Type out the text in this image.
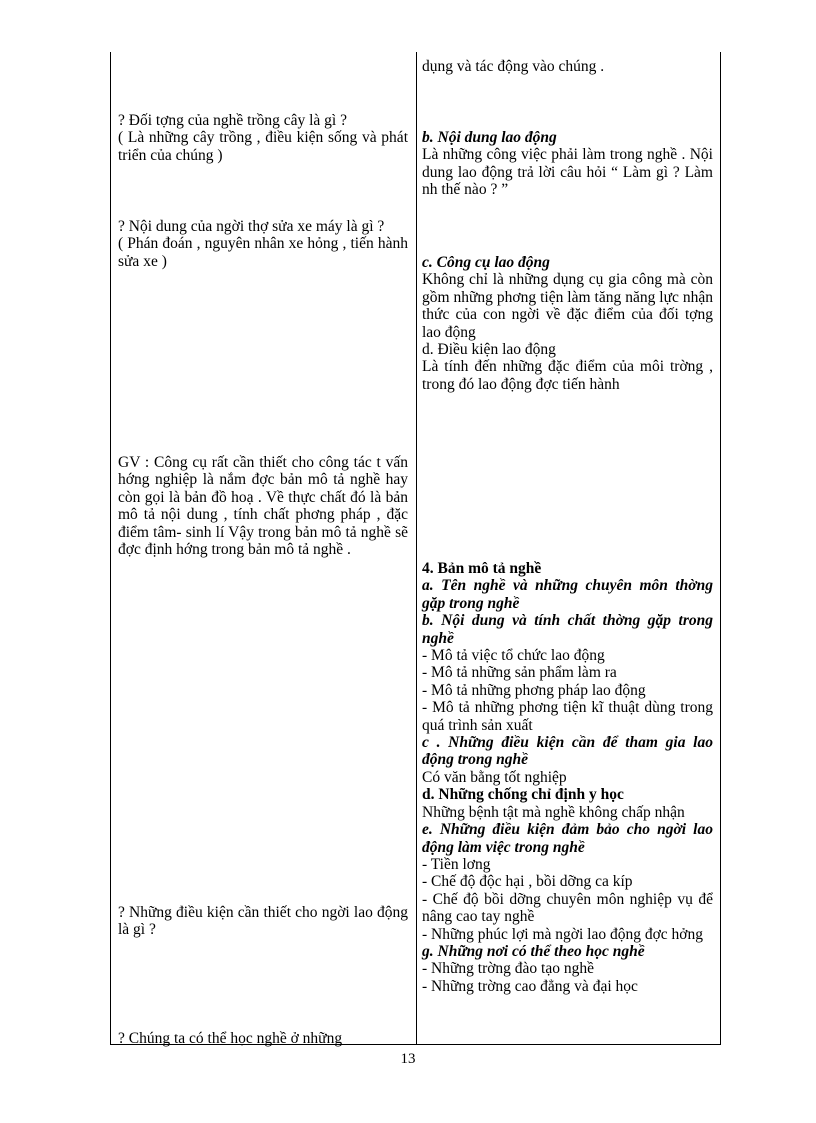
? Đối tợng của nghề trồng cây là gì ?

( Là những cây trồng , điều kiện sống và phát triển của chúng )

? Nội dung của ngời thợ sửa xe máy là gì ?

( Phán đoán , nguyên nhân xe hỏng , tiến hành sửa xe )

GV : Công cụ rất cần thiết cho công tác t vấn hớng nghiệp là nắm đợc bản mô tả nghề hay còn gọi là bản đồ hoạ . Về thực chất đó là bản mô tả nội dung , tính chất phơng pháp , đặc điểm tâm- sinh lí Vậy trong bản mô tả nghề sẽ đợc định hớng trong bản mô tả nghề .

? Những điều kiện cần thiết cho ngời lao động là gì ?

? Chúng ta có thể học nghề ở những

dụng và tác động vào chúng .

b. Nội dung lao động

Là những công việc phải làm trong nghề . Nội dung lao động trả lời câu hỏi “ Làm gì ? Làm nh thế nào ? ”

c. Công cụ lao động

Không chỉ là những dụng cụ gia công mà còn gồm những phơng tiện làm tăng năng lực nhận thức của con ngời về đặc điểm của đối tợng lao động

d. Điều kiện lao động

Là tính đến những đặc điểm của môi trờng , trong đó lao động đợc tiến hành

4. Bản mô tả nghề

a. Tên nghề và những chuyên môn thờng gặp trong nghề

b. Nội dung và tính chất thờng gặp trong nghề

- Mô tả việc tổ chức lao động

- Mô tả những sản phẩm làm ra

- Mô tả những phơng pháp lao động

- Mô tả những phơng tiện kĩ thuật dùng trong quá trình sản xuất

c . Những điều kiện cần để tham gia lao động trong nghề

Có văn bằng tốt nghiệp

d. Những chống chỉ định y học

Những bệnh tật mà nghề không chấp nhận

e. Những điều kiện đảm bảo cho ngời lao động làm việc trong nghề

- Tiền lơng

- Chế độ độc hại , bồi dỡng ca kíp

- Chế độ bồi dỡng chuyên môn nghiệp vụ để nâng cao tay nghề

- Những phúc lợi mà ngời lao động đợc hởng

g. Những nơi có thể theo học nghề

- Những trờng đào tạo nghề

- Những trờng cao đẳng và đại học

13
